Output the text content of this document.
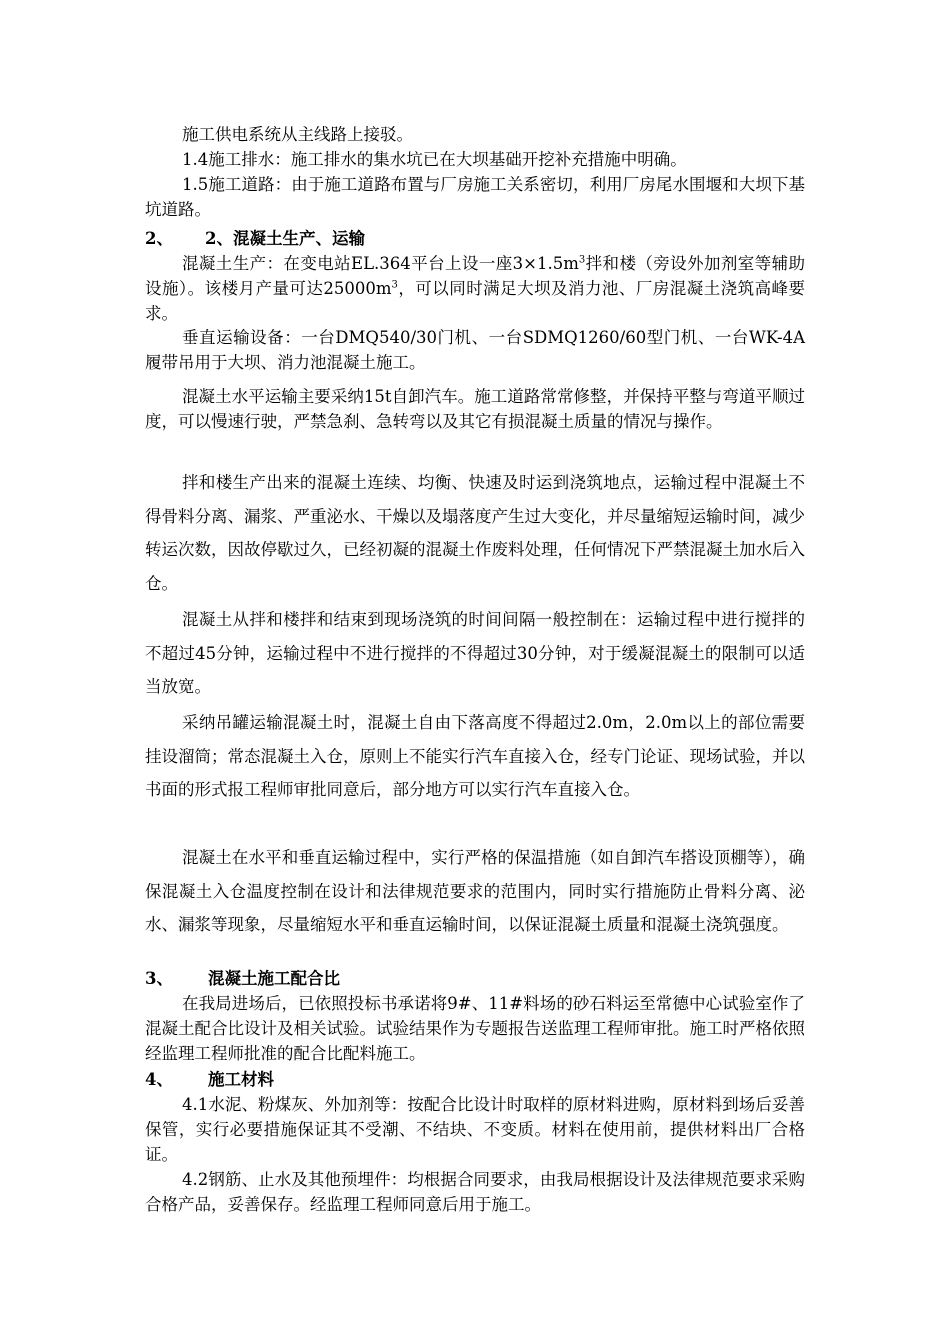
施工供电系统从主线路上接驳。

1.4施工排水：施工排水的集水坑已在大坝基础开挖补充措施中明确。

1.5施工道路：由于施工道路布置与厂房施工关系密切，利用厂房尾水围堰和大坝下基坑道路。

2、 2、混凝土生产、运输

混凝土生产：在变电站EL.364平台上设一座$3\times 1.5m^3$拌和楼（旁设外加剂室等辅助设施）。该楼月产量可达$25000m^3$，可以同时满足大坝及消力池、厂房混凝土浇筑高峰要求。

垂直运输设备：一台DMQ540/30门机、一台SDMQ1260/60型门机、一台WK-4A履带吊用于大坝、消力池混凝土施工。

混凝土水平运输主要采纳15t自卸汽车。施工道路常常修整，并保持平整与弯道平顺过度，可以慢速行驶，严禁急刹、急转弯以及其它有损混凝土质量的情况与操作。

拌和楼生产出来的混凝土连续、均衡、快速及时运到浇筑地点，运输过程中混凝土不得骨料分离、漏浆、严重泌水、干燥以及塌落度产生过大变化，并尽量缩短运输时间，减少转运次数，因故停歇过久，已经初凝的混凝土作废料处理，任何情况下严禁混凝土加水后入仓。

混凝土从拌和楼拌和结束到现场浇筑的时间间隔一般控制在：运输过程中进行搅拌的不超过45分钟，运输过程中不进行搅拌的不得超过30分钟，对于缓凝混凝土的限制可以适当放宽。

采纳吊罐运输混凝土时，混凝土自由下落高度不得超过2.0m，2.0m以上的部位需要挂设溜筒；常态混凝土入仓，原则上不能实行汽车直接入仓，经专门论证、现场试验，并以书面的形式报工程师审批同意后，部分地方可以实行汽车直接入仓。

混凝土在水平和垂直运输过程中，实行严格的保温措施（如自卸汽车搭设顶棚等），确保混凝土入仓温度控制在设计和法律规范要求的范围内，同时实行措施防止骨料分离、泌水、漏浆等现象，尽量缩短水平和垂直运输时间，以保证混凝土质量和混凝土浇筑强度。

3、 混凝土施工配合比

在我局进场后，已依照投标书承诺将9#、11#料场的砂石料运至常德中心试验室作了混凝土配合比设计及相关试验。试验结果作为专题报告送监理工程师审批。施工时严格依照经监理工程师批准的配合比配料施工。

4、 施工材料

4.1水泥、粉煤灰、外加剂等：按配合比设计时取样的原材料进购，原材料到场后妥善保管，实行必要措施保证其不受潮、不结块、不变质。材料在使用前，提供材料出厂合格证。

4.2钢筋、止水及其他预埋件：均根据合同要求，由我局根据设计及法律规范要求采购合格产品，妥善保存。经监理工程师同意后用于施工。
